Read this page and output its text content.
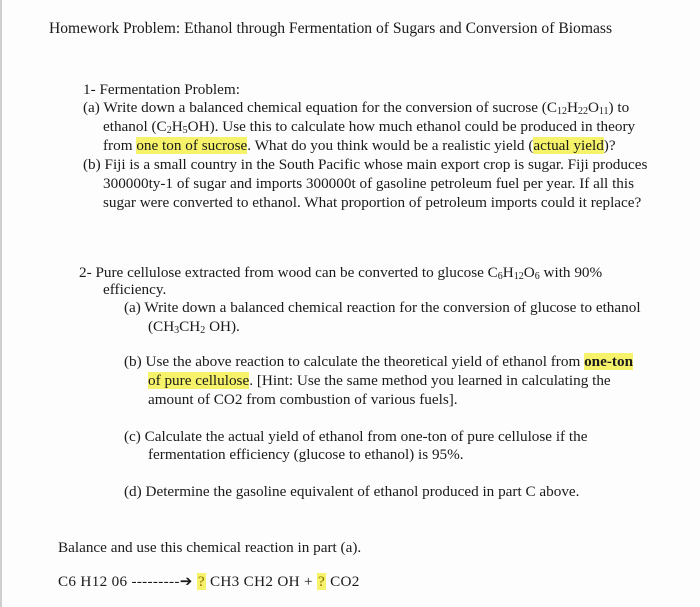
Homework Problem: Ethanol through Fermentation of Sugars and Conversion of Biomass
1- Fermentation Problem:
(a) Write down a balanced chemical equation for the conversion of sucrose $(C_{12}H_{22}O_{11})$ to
ethanol $(C_2H_5OH)$. Use this to calculate how much ethanol could be produced in theory
from one ton of sucrose. What do you think would be a realistic yield (actual yield)?
(b) Fiji is a small country in the South Pacific whose main export crop is sugar. Fiji produces
300000ty-1 of sugar and imports 300000t of gasoline petroleum fuel per year. If all this
sugar were converted to ethanol. What proportion of petroleum imports could it replace?
2- Pure cellulose extracted from wood can be converted to glucose $C_6H_{12}O_6$ with 90%
efficiency.
(a) Write down a balanced chemical reaction for the conversion of glucose to ethanol
($CH_3CH_2$ OH).
(b) Use the above reaction to calculate the theoretical yield of ethanol from one-ton
of pure cellulose. [Hint: Use the same method you learned in calculating the
amount of CO2 from combustion of various fuels].
(c) Calculate the actual yield of ethanol from one-ton of pure cellulose if the
fermentation efficiency (glucose to ethanol) is 95%.
(d) Determine the gasoline equivalent of ethanol produced in part C above.
Balance and use this chemical reaction in part (a).
C6 H12 06 ---------➔ ? CH3 CH2 OH + ? CO2
